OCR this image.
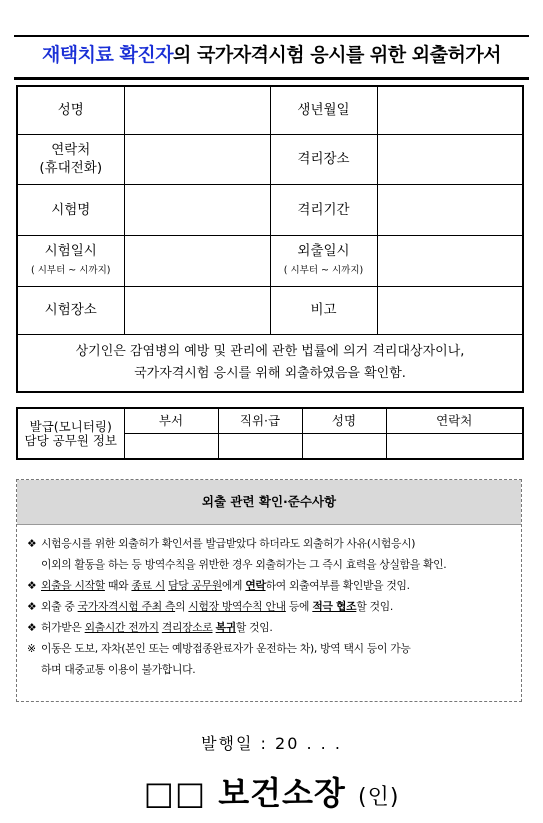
재택치료 확진자의 국가자격시험 응시를 위한 외출허가서
성명		생년월일	
연락처
(휴대전화)		격리장소	
시험명		격리기간	
시험일시
( 시부터 ~ 시까지)		외출일시
( 시부터 ~ 시까지)	
시험장소		비고	
상기인은 감염병의 예방 및 관리에 관한 법률에 의거 격리대상자이나,
국가자격시험 응시를 위해 외출하였음을 확인함.			
발급(모니터링)
담당 공무원 정보	부서	직위·급	성명	연락처

외출 관련 확인·준수사항
❖ 시험응시를 위한 외출허가 확인서를 발급받았다 하더라도 외출허가 사유(시험응시)
이외의 활동을 하는 등 방역수칙을 위반한 경우 외출허가는 그 즉시 효력을 상실함을 확인.
❖ 외출을 시작할 때와 종료 시 담당 공무원에게 연락하여 외출여부를 확인받을 것임.
❖ 외출 중 국가자격시험 주최 측의 시험장 방역수칙 안내 등에 적극 협조할 것임.
❖ 허가받은 외출시간 전까지 격리장소로 복귀할 것임.
※ 이동은 도보, 자차(본인 또는 예방접종완료자가 운전하는 차), 방역 택시 등이 가능
하며 대중교통 이용이 불가합니다.
발행일 : 20 . . .
□□ 보건소장 (인)
